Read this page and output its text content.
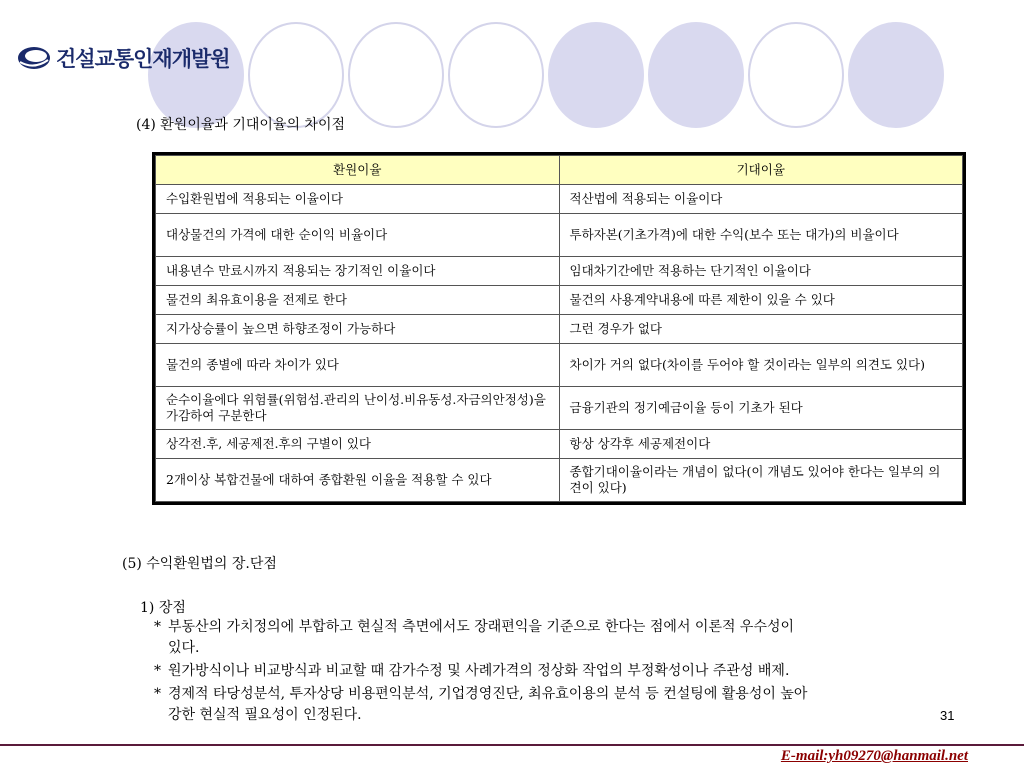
건설교통인재개발원
(4) 환원이율과 기대이율의 차이점
환원이율	기대이율
수입환원법에 적용되는 이율이다	적산법에 적용되는 이율이다
대상물건의 가격에 대한 순이익 비율이다	투하자본(기초가격)에 대한 수익(보수 또는 대가)의 비율이다
내용년수 만료시까지 적용되는 장기적인 이율이다	임대차기간에만 적용하는 단기적인 이율이다
물건의 최유효이용을 전제로 한다	물건의 사용계약내용에 따른 제한이 있을 수 있다
지가상승률이 높으면 하향조정이 가능하다	그런 경우가 없다
물건의 종별에 따라 차이가 있다	차이가 거의 없다(차이를 두어야 할 것이라는 일부의 의견도 있다)
순수이율에다 위험률(위험섬.관리의 난이성.비유동성.자금의안정성)을 가감하여 구분한다	금융기관의 정기예금이율 등이 기초가 된다
상각전.후, 세공제전.후의 구별이 있다	항상 상각후 세공제전이다
2개이상 복합건물에 대하여 종합환원 이율을 적용할 수 있다	종합기대이율이라는 개념이 없다(이 개념도 있어야 한다는 일부의 의견이 있다)
(5) 수익환원법의 장.단점
1) 장점
* 부동산의 가치정의에 부합하고 현실적 측면에서도 장래편익을 기준으로 한다는 점에서 이론적 우수성이
있다.
* 원가방식이나 비교방식과 비교할 때 감가수정 및 사례가격의 정상화 작업의 부정확성이나 주관성 배제.
* 경제적 타당성분석, 투자상당 비용편익분석, 기업경영진단, 최유효이용의 분석 등 컨설팅에 활용성이 높아
강한 현실적 필요성이 인정된다.	31
E-mail:yh09270@hanmail.net
